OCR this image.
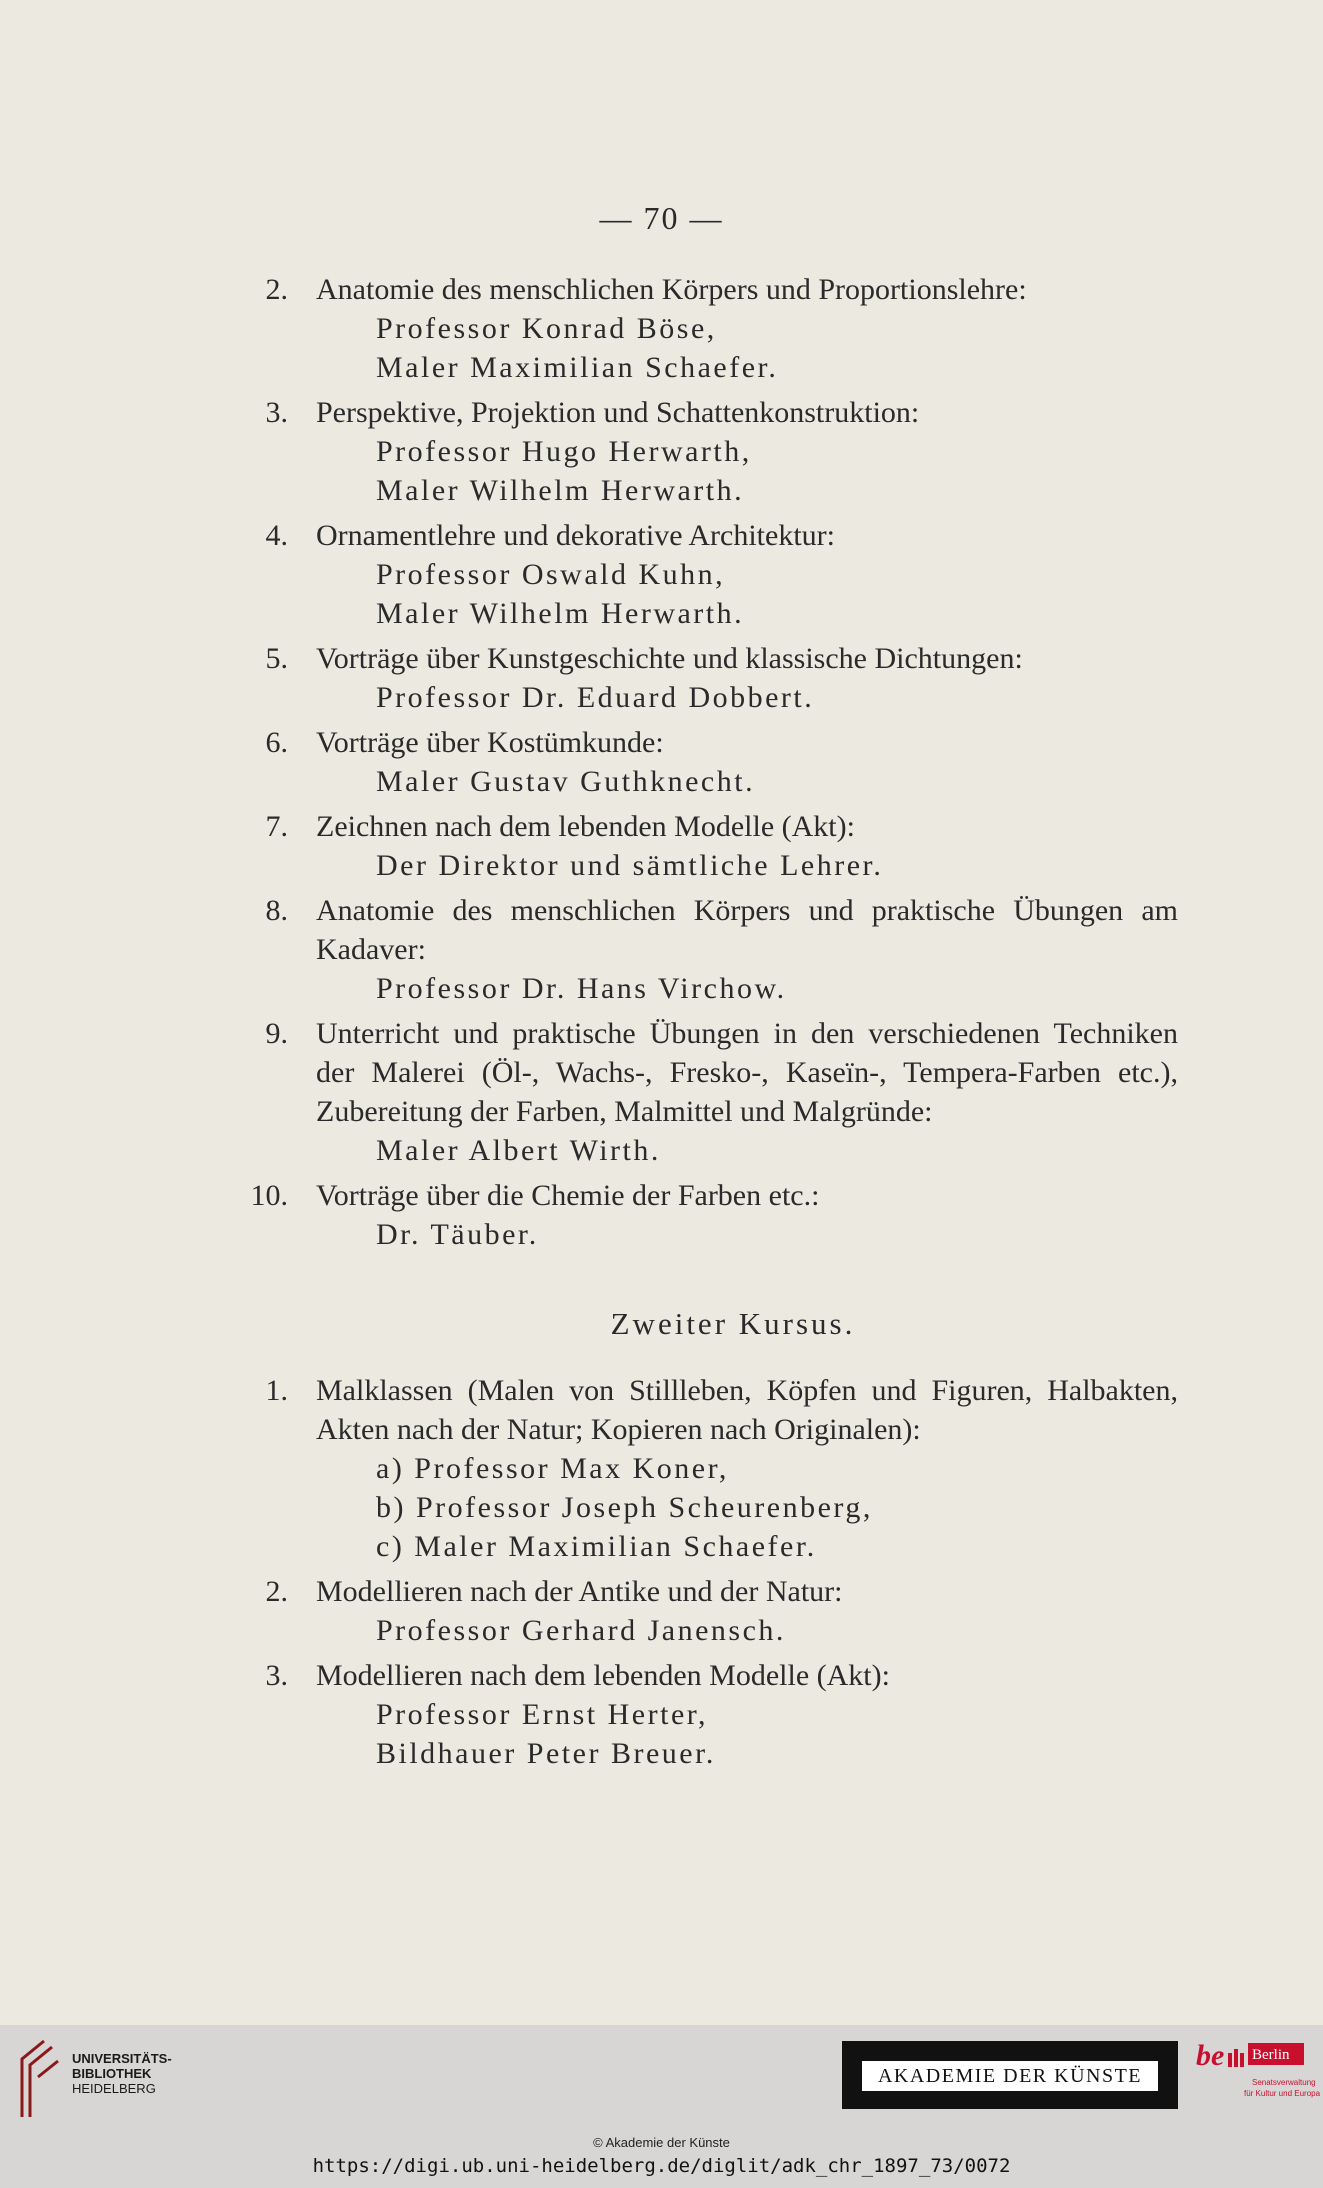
— 70 —
2. Anatomie des menschlichen Körpers und Proportionslehre:
Professor Konrad Böse,
Maler Maximilian Schaefer.
3. Perspektive, Projektion und Schattenkonstruktion:
Professor Hugo Herwarth,
Maler Wilhelm Herwarth.
4. Ornamentlehre und dekorative Architektur:
Professor Oswald Kuhn,
Maler Wilhelm Herwarth.
5. Vorträge über Kunstgeschichte und klassische Dichtungen:
Professor Dr. Eduard Dobbert.
6. Vorträge über Kostümkunde:
Maler Gustav Guthknecht.
7. Zeichnen nach dem lebenden Modelle (Akt):
Der Direktor und sämtliche Lehrer.
8. Anatomie des menschlichen Körpers und praktische Übungen am Kadaver:
Professor Dr. Hans Virchow.
9. Unterricht und praktische Übungen in den verschiedenen Techniken der Malerei (Öl-, Wachs-, Fresko-, Kaseïn-, Tempera-Farben etc.), Zubereitung der Farben, Malmittel und Malgründe:
Maler Albert Wirth.
10. Vorträge über die Chemie der Farben etc.:
Dr. Täuber.
Zweiter Kursus.
1. Malklassen (Malen von Stillleben, Köpfen und Figuren, Halbakten, Akten nach der Natur; Kopieren nach Originalen):
a) Professor Max Koner,
b) Professor Joseph Scheurenberg,
c) Maler Maximilian Schaefer.
2. Modellieren nach der Antike und der Natur:
Professor Gerhard Janensch.
3. Modellieren nach dem lebenden Modelle (Akt):
Professor Ernst Herter,
Bildhauer Peter Breuer.
UNIVERSITÄTS-
BIBLIOTHEK
HEIDELBERG
AKADEMIE DER KÜNSTE
be Berlin
Senatsverwaltung
für Kultur und Europa
© Akademie der Künste
https://digi.ub.uni-heidelberg.de/diglit/adk_chr_1897_73/0072
